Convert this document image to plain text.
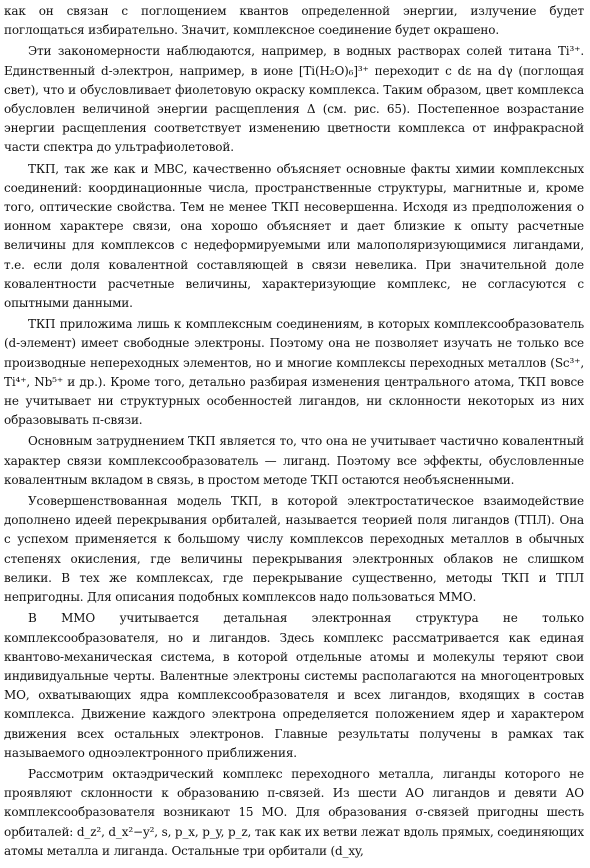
как он связан с поглощением квантов определенной энергии, излучение будет поглощаться избирательно. Значит, комплексное соединение будет окрашено.

Эти закономерности наблюдаются, например, в водных растворах солей титана Ti³⁺. Единственный d-электрон, например, в ионе [Ti(H₂O)₆]³⁺ переходит с dε на dγ (поглощая свет), что и обусловливает фиолетовую окраску комплекса. Таким образом, цвет комплекса обусловлен величиной энергии расщепления Δ (см. рис. 65). Постепенное возрастание энергии расщепления соответствует изменению цветности комплекса от инфракрасной части спектра до ультрафиолетовой.

ТКП, так же как и МВС, качественно объясняет основные факты химии комплексных соединений: координационные числа, пространственные структуры, магнитные и, кроме того, оптические свойства. Тем не менее ТКП несовершенна. Исходя из предположения о ионном характере связи, она хорошо объясняет и дает близкие к опыту расчетные величины для комплексов с недеформируемыми или малополяризующимися лигандами, т.е. если доля ковалентной составляющей в связи невелика. При значительной доле ковалентности расчетные величины, характеризующие комплекс, не согласуются с опытными данными.

ТКП приложима лишь к комплексным соединениям, в которых комплексообразователь (d-элемент) имеет свободные электроны. Поэтому она не позволяет изучать не только все производные непереходных элементов, но и многие комплексы переходных металлов (Sc³⁺, Ti⁴⁺, Nb⁵⁺ и др.). Кроме того, детально разбирая изменения центрального атома, ТКП вовсе не учитывает ни структурных особенностей лигандов, ни склонности некоторых из них образовывать π-связи.

Основным затруднением ТКП является то, что она не учитывает частично ковалентный характер связи комплексообразователь — лиганд. Поэтому все эффекты, обусловленные ковалентным вкладом в связь, в простом методе ТКП остаются необъясненными.

Усовершенствованная модель ТКП, в которой электростатическое взаимодействие дополнено идеей перекрывания орбиталей, называется теорией поля лигандов (ТПЛ). Она с успехом применяется к большому числу комплексов переходных металлов в обычных степенях окисления, где величины перекрывания электронных облаков не слишком велики. В тех же комплексах, где перекрывание существенно, методы ТКП и ТПЛ непригодны. Для описания подобных комплексов надо пользоваться ММО.

В ММО учитывается детальная электронная структура не только комплексообразователя, но и лигандов. Здесь комплекс рассматривается как единая квантово-механическая система, в которой отдельные атомы и молекулы теряют свои индивидуальные черты. Валентные электроны системы располагаются на многоцентровых МО, охватывающих ядра комплексообразователя и всех лигандов, входящих в состав комплекса. Движение каждого электрона определяется положением ядер и характером движения всех остальных электронов. Главные результаты получены в рамках так называемого одноэлектронного приближения.

Рассмотрим октаэдрический комплекс переходного металла, лиганды которого не проявляют склонности к образованию π-связей. Из шести АО лигандов и девяти АО комплексообразователя возникают 15 МО. Для образования σ-связей пригодны шесть орбиталей: d_z², d_x²−y², s, p_x, p_y, p_z, так как их ветви лежат вдоль прямых, соединяющих атомы металла и лиганда. Остальные три орбитали (d_xy,
